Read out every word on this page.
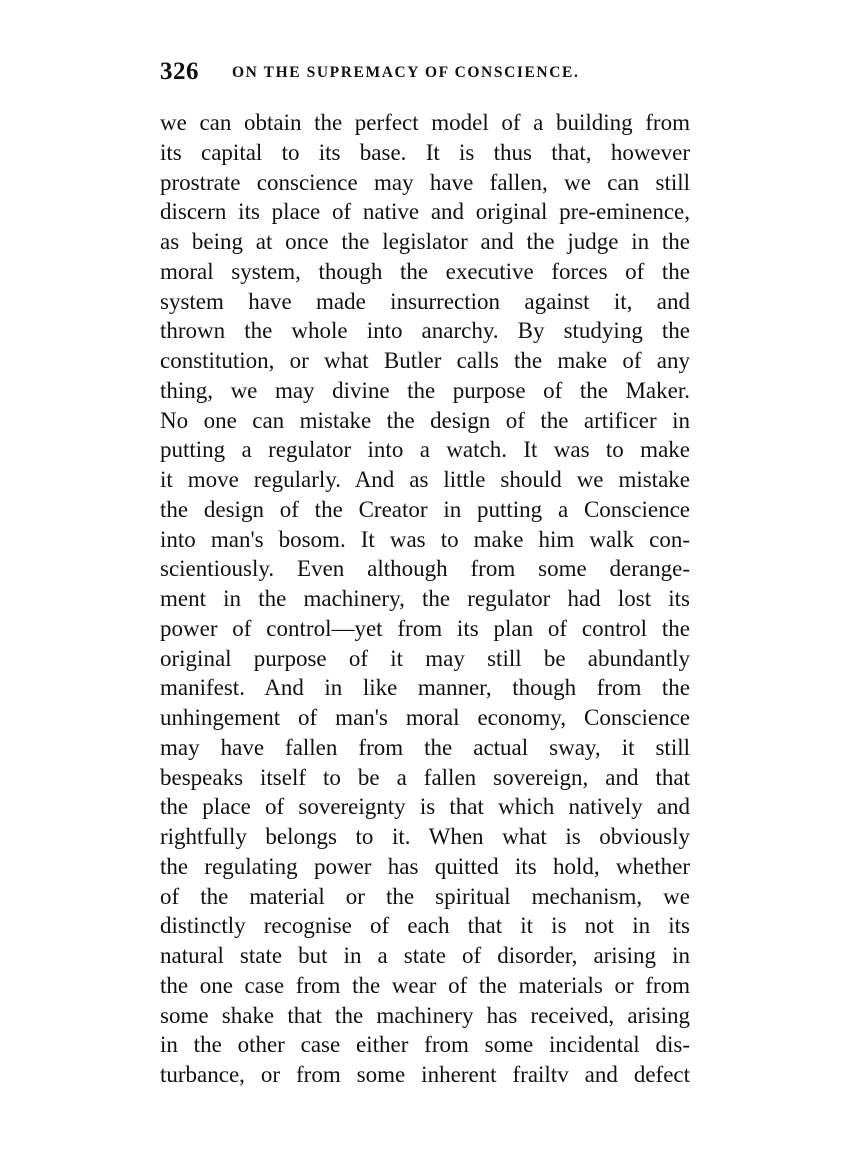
326 ON THE SUPREMACY OF CONSCIENCE.
we can obtain the perfect model of a building from
its capital to its base. It is thus that, however
prostrate conscience may have fallen, we can still
discern its place of native and original pre-eminence,
as being at once the legislator and the judge in the
moral system, though the executive forces of the
system have made insurrection against it, and
thrown the whole into anarchy. By studying the
constitution, or what Butler calls the make of any
thing, we may divine the purpose of the Maker.
No one can mistake the design of the artificer in
putting a regulator into a watch. It was to make
it move regularly. And as little should we mistake
the design of the Creator in putting a Conscience
into man's bosom. It was to make him walk con-
scientiously. Even although from some derange-
ment in the machinery, the regulator had lost its
power of control—yet from its plan of control the
original purpose of it may still be abundantly
manifest. And in like manner, though from the
unhingement of man's moral economy, Conscience
may have fallen from the actual sway, it still
bespeaks itself to be a fallen sovereign, and that
the place of sovereignty is that which natively and
rightfully belongs to it. When what is obviously
the regulating power has quitted its hold, whether
of the material or the spiritual mechanism, we
distinctly recognise of each that it is not in its
natural state but in a state of disorder, arising in
the one case from the wear of the materials or from
some shake that the machinery has received, arising
in the other case either from some incidental dis-
turbance, or from some inherent frailtv and defect
